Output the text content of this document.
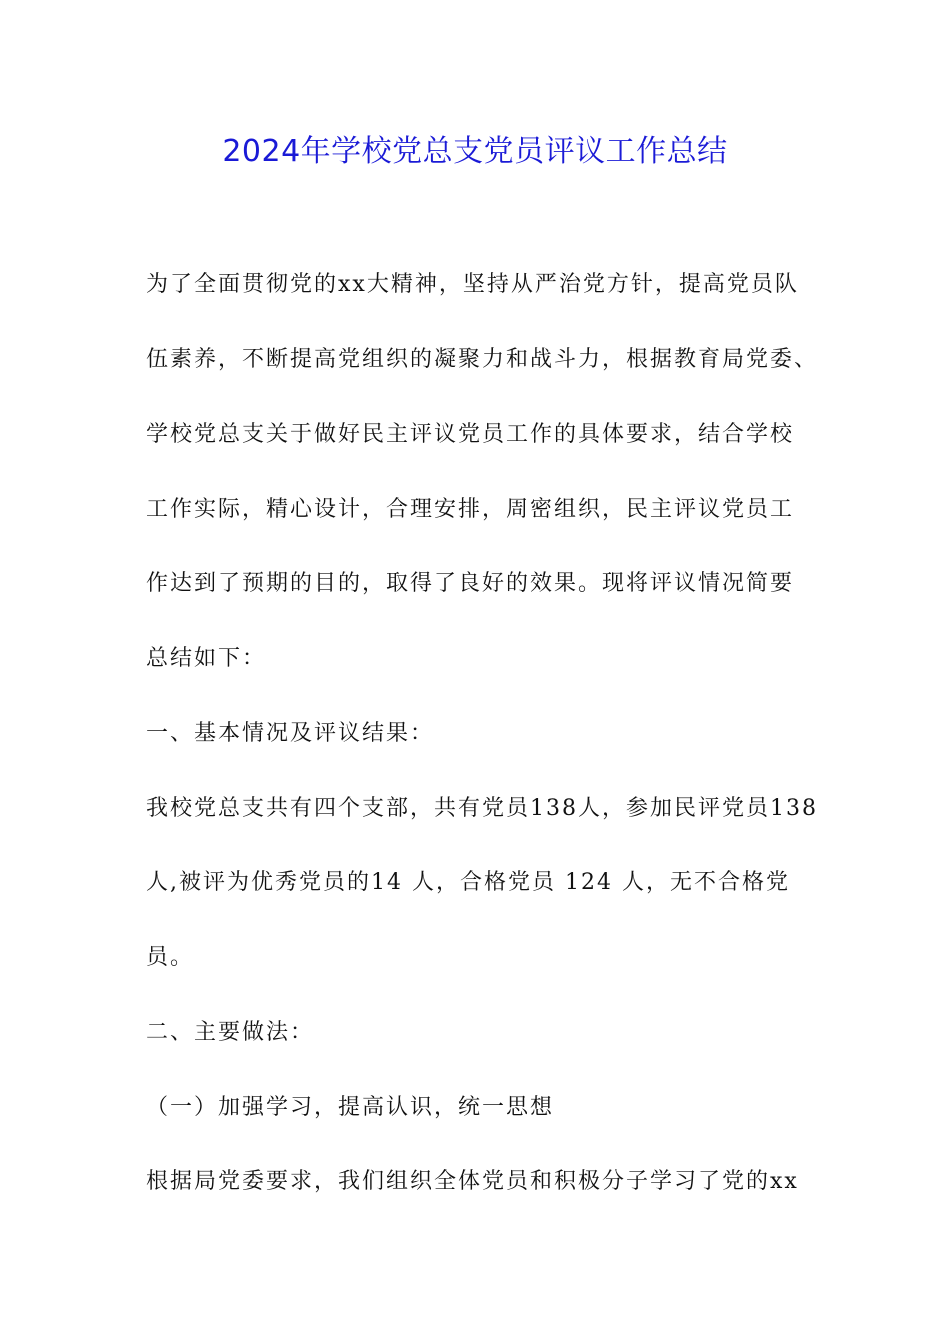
2024年学校党总支党员评议工作总结
为了全面贯彻党的xx大精神，坚持从严治党方针，提高党员队
伍素养，不断提高党组织的凝聚力和战斗力，根据教育局党委、
学校党总支关于做好民主评议党员工作的具体要求，结合学校
工作实际，精心设计，合理安排，周密组织，民主评议党员工
作达到了预期的目的，取得了良好的效果。现将评议情况简要
总结如下：
一、基本情况及评议结果：
我校党总支共有四个支部，共有党员138人，参加民评党员138
人,被评为优秀党员的14 人，合格党员 124 人，无不合格党
员。
二、主要做法：
（一）加强学习，提高认识，统一思想
根据局党委要求，我们组织全体党员和积极分子学习了党的xx
